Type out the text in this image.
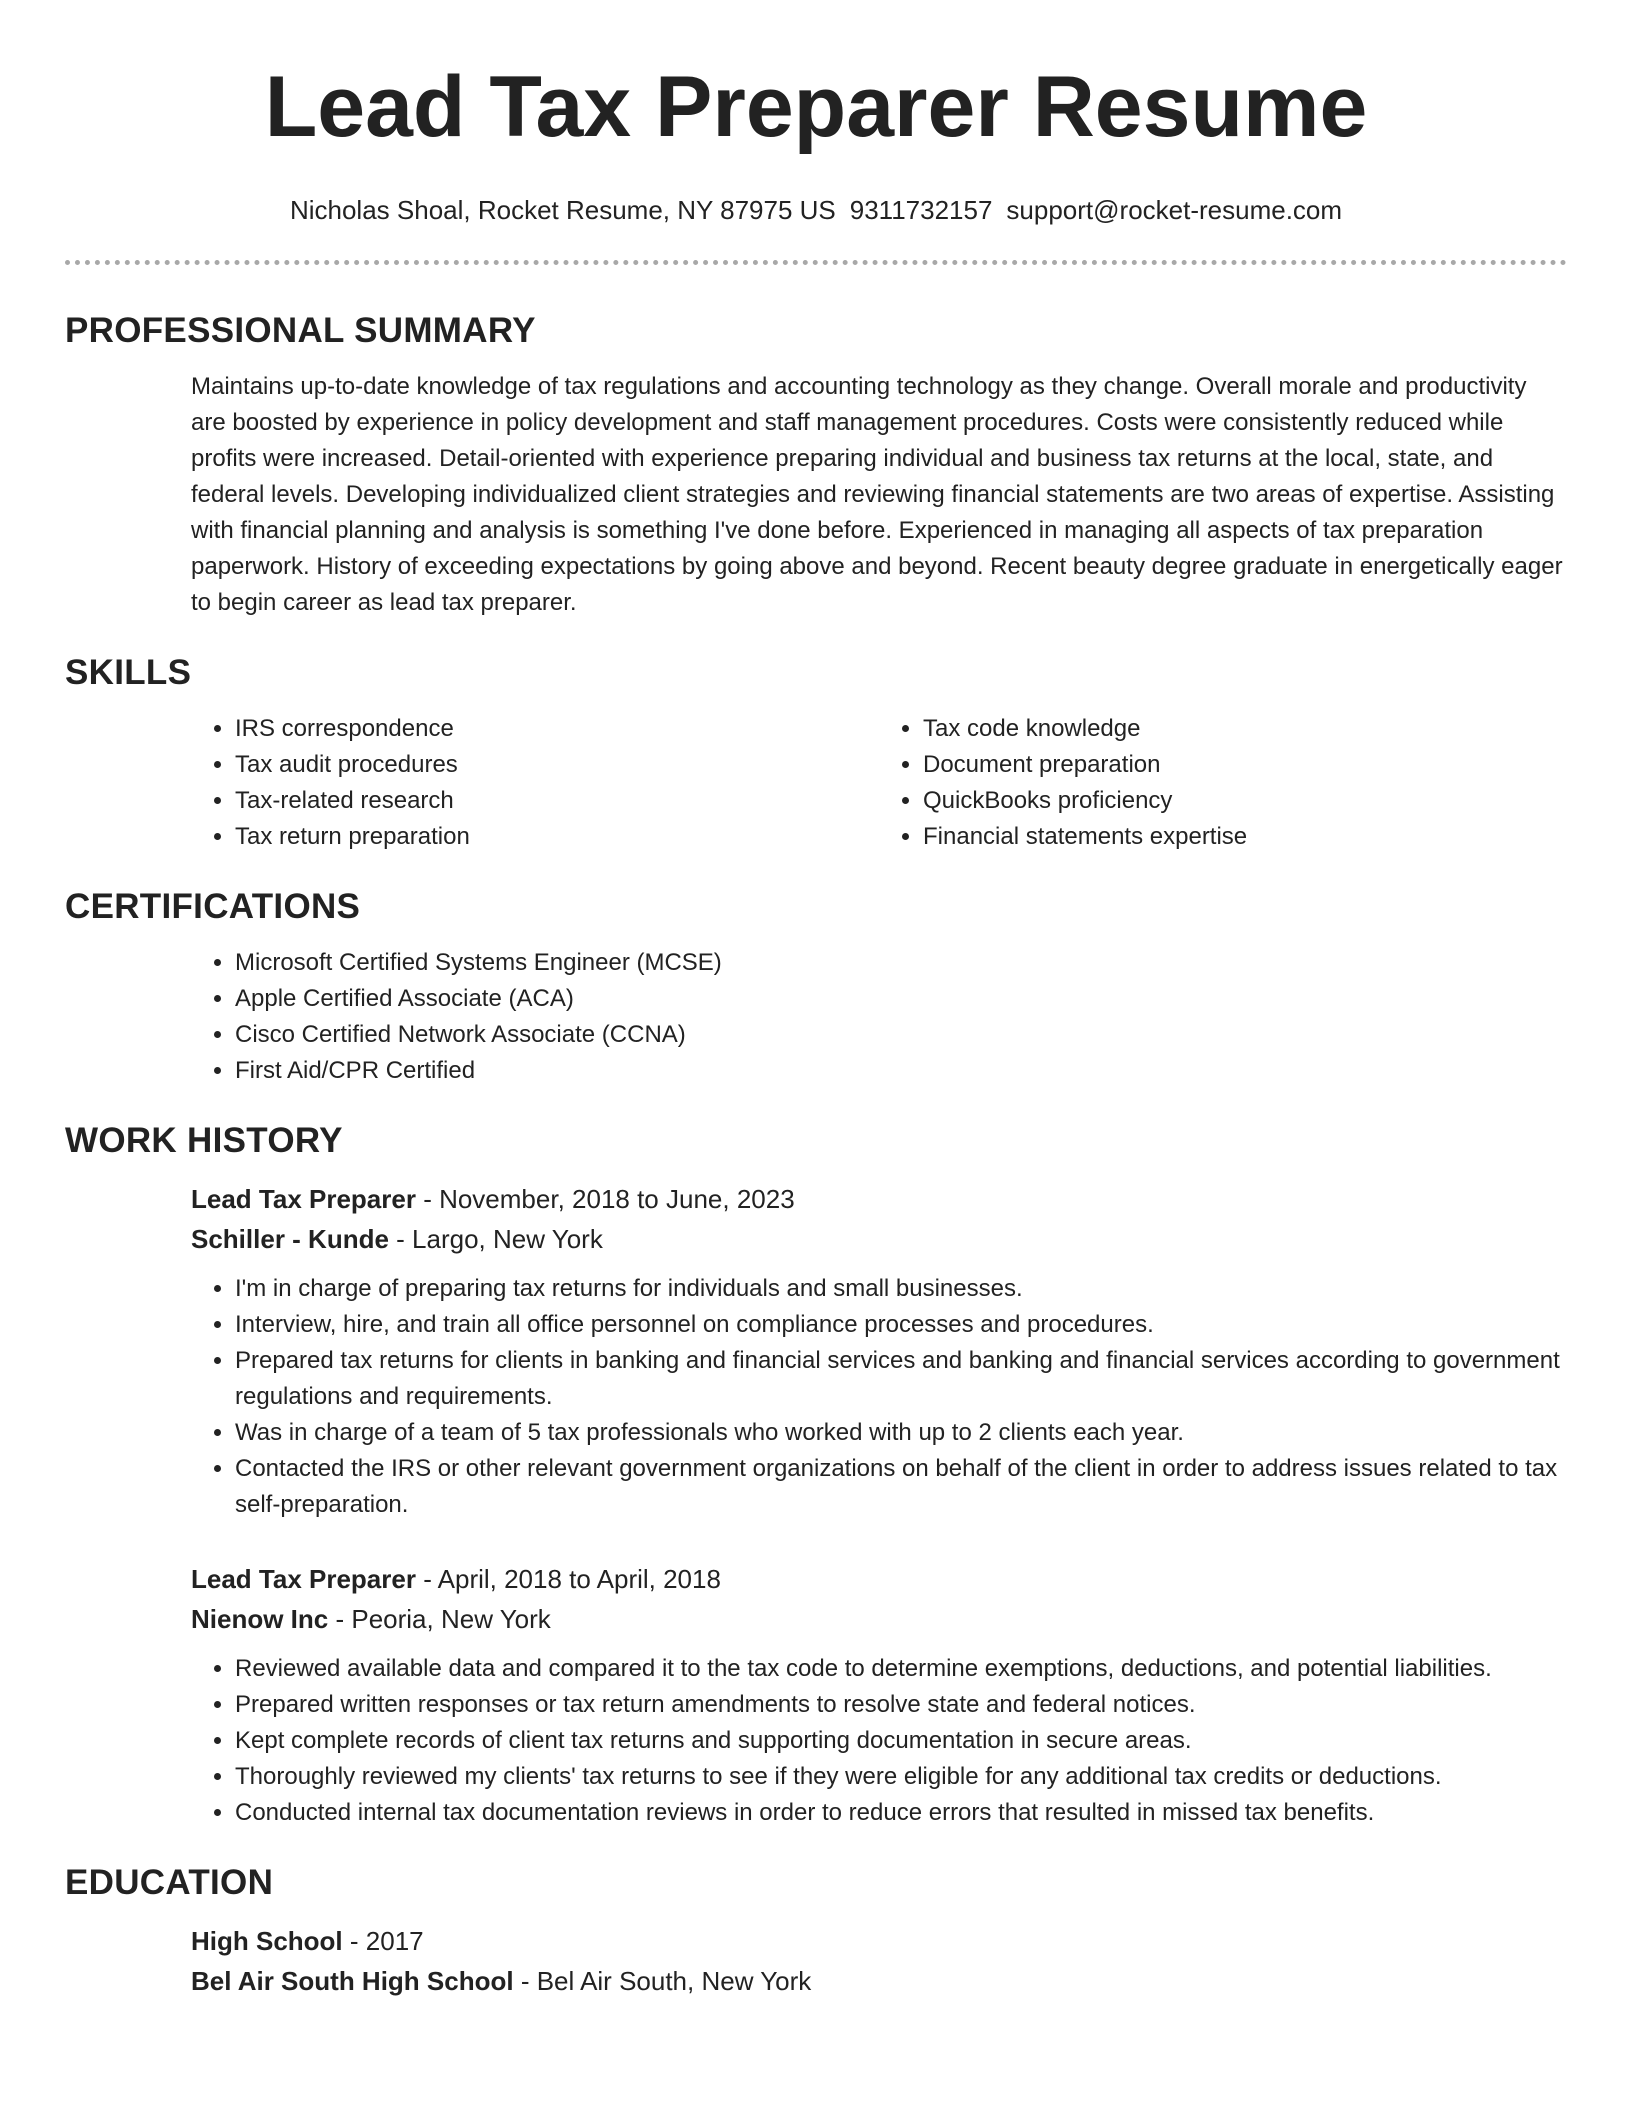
Lead Tax Preparer Resume
Nicholas Shoal, Rocket Resume, NY 87975 US 9311732157 support@rocket-resume.com
PROFESSIONAL SUMMARY

Maintains up-to-date knowledge of tax regulations and accounting technology as they change. Overall morale and productivity are boosted by experience in policy development and staff management procedures. Costs were consistently reduced while profits were increased. Detail-oriented with experience preparing individual and business tax returns at the local, state, and federal levels. Developing individualized client strategies and reviewing financial statements are two areas of expertise. Assisting with financial planning and analysis is something I've done before. Experienced in managing all aspects of tax preparation paperwork. History of exceeding expectations by going above and beyond. Recent beauty degree graduate in energetically eager to begin career as lead tax preparer.

SKILLS
• IRS correspondence
• Tax audit procedures
• Tax-related research
• Tax return preparation
• Tax code knowledge
• Document preparation
• QuickBooks proficiency
• Financial statements expertise
CERTIFICATIONS
• Microsoft Certified Systems Engineer (MCSE)
• Apple Certified Associate (ACA)
• Cisco Certified Network Associate (CCNA)
• First Aid/CPR Certified
WORK HISTORY
Lead Tax Preparer - November, 2018 to June, 2023
Schiller - Kunde - Largo, New York
• I'm in charge of preparing tax returns for individuals and small businesses.
• Interview, hire, and train all office personnel on compliance processes and procedures.
• Prepared tax returns for clients in banking and financial services and banking and financial services according to government regulations and requirements.
• Was in charge of a team of 5 tax professionals who worked with up to 2 clients each year.
• Contacted the IRS or other relevant government organizations on behalf of the client in order to address issues related to tax self-preparation.
Lead Tax Preparer - April, 2018 to April, 2018
Nienow Inc - Peoria, New York
• Reviewed available data and compared it to the tax code to determine exemptions, deductions, and potential liabilities.
• Prepared written responses or tax return amendments to resolve state and federal notices.
• Kept complete records of client tax returns and supporting documentation in secure areas.
• Thoroughly reviewed my clients' tax returns to see if they were eligible for any additional tax credits or deductions.
• Conducted internal tax documentation reviews in order to reduce errors that resulted in missed tax benefits.
EDUCATION
High School - 2017
Bel Air South High School - Bel Air South, New York
